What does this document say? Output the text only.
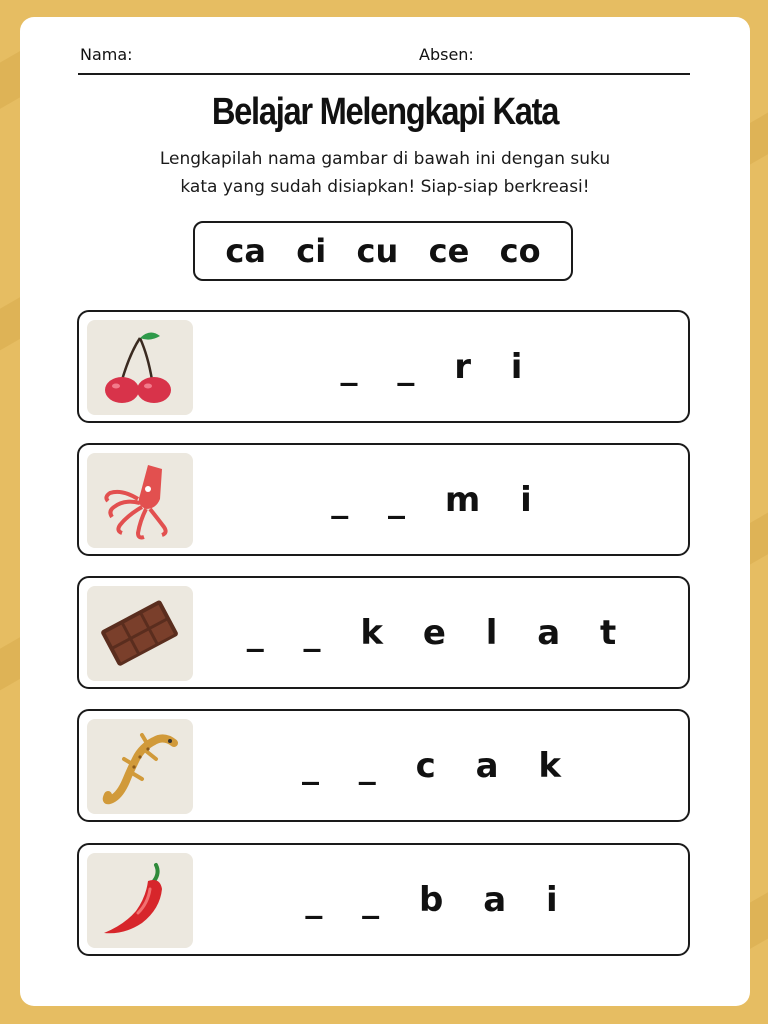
Nama:	Absen:
Belajar Melengkapi Kata
Lengkapilah nama gambar di bawah ini dengan suku
kata yang sudah disiapkan! Siap-siap berkreasi!
ca ci cu ce co
_ _ r i
_ _ m i
_ _ k e l a t
_ _ c a k
_ _ b a i
